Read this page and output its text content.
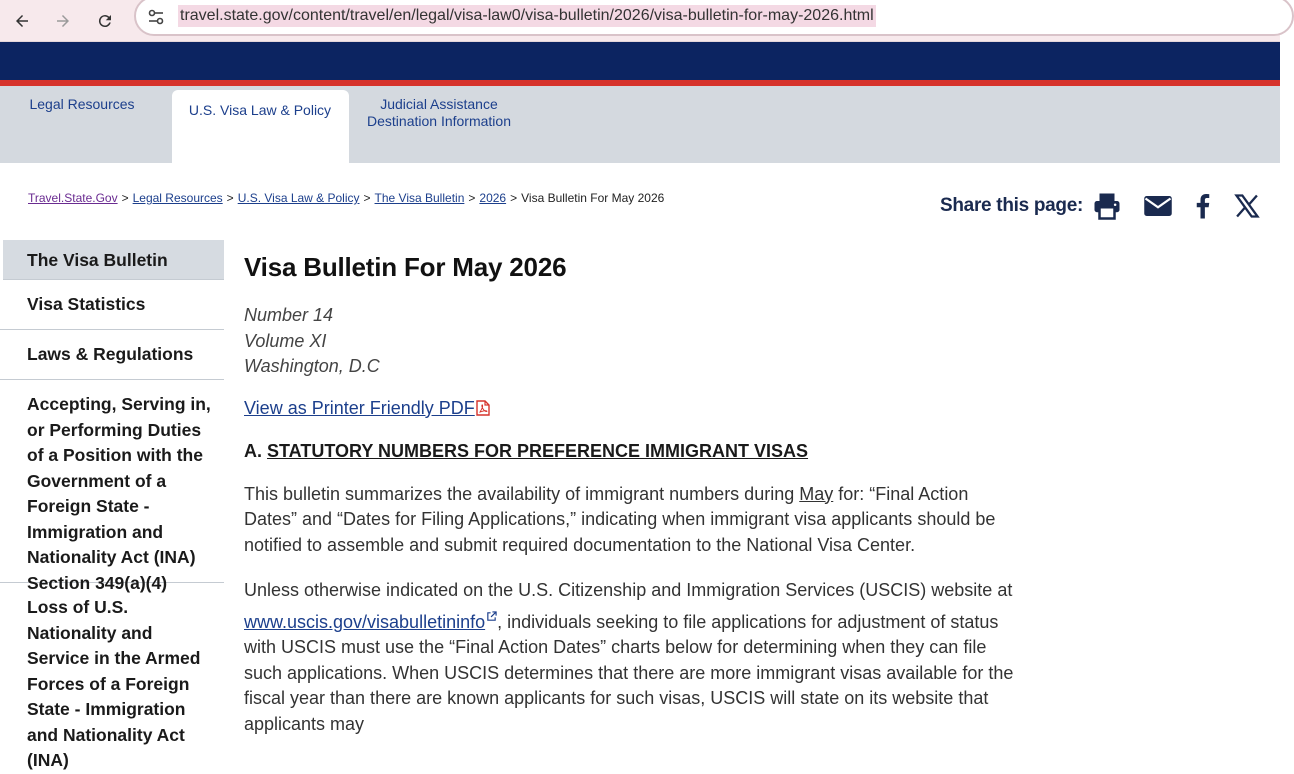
travel.state.gov/content/travel/en/legal/visa-law0/visa-bulletin/2026/visa-bulletin-for-may-2026.html
Legal Resources	U.S. Visa Law & Policy	Judicial Assistance
Destination Information
Travel.State.Gov > Legal Resources > U.S. Visa Law & Policy > The Visa Bulletin > 2026 > Visa Bulletin For May 2026	Share this page:
The Visa Bulletin
Visa Statistics
Laws & Regulations
Accepting, Serving in, or Performing Duties of a Position with the Government of a Foreign State - Immigration and Nationality Act (INA) Section 349(a)(4)
Loss of U.S. Nationality and Service in the Armed Forces of a Foreign State - Immigration and Nationality Act (INA)
Visa Bulletin For May 2026
Number 14
Volume XI
Washington, D.C
View as Printer Friendly PDF
A. STATUTORY NUMBERS FOR PREFERENCE IMMIGRANT VISAS

This bulletin summarizes the availability of immigrant numbers during May for: “Final Action Dates” and “Dates for Filing Applications,” indicating when immigrant visa applicants should be notified to assemble and submit required documentation to the National Visa Center.

Unless otherwise indicated on the U.S. Citizenship and Immigration Services (USCIS) website at www.uscis.gov/visabulletininfo , individuals seeking to file applications for adjustment of status with USCIS must use the “Final Action Dates” charts below for determining when they can file such applications. When USCIS determines that there are more immigrant visas available for the fiscal year than there are known applicants for such visas, USCIS will state on its website that applicants may
